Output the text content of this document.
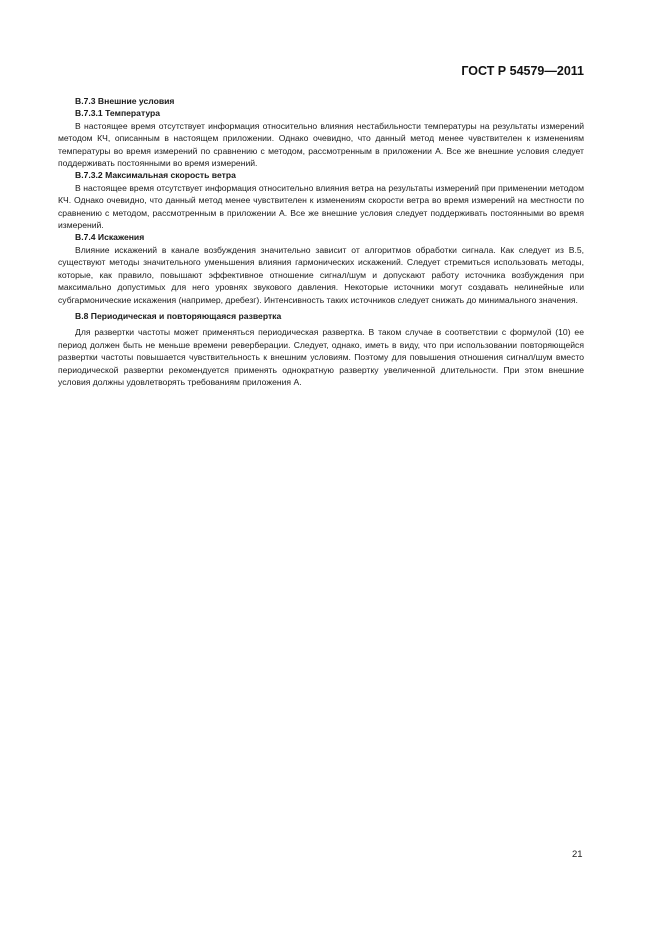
ГОСТ Р 54579—2011

В.7.3 Внешние условия

В.7.3.1 Температура

В настоящее время отсутствует информация относительно влияния нестабильности температуры на результаты измерений методом КЧ, описанным в настоящем приложении. Однако очевидно, что данный метод менее чувствителен к изменениям температуры во время измерений по сравнению с методом, рассмотренным в приложении А. Все же внешние условия следует поддерживать постоянными во время измерений.

В.7.3.2 Максимальная скорость ветра

В настоящее время отсутствует информация относительно влияния ветра на результаты измерений при применении методом КЧ. Однако очевидно, что данный метод менее чувствителен к изменениям скорости ветра во время измерений на местности по сравнению с методом, рассмотренным в приложении А. Все же внешние условия следует поддерживать постоянными во время измерений.

В.7.4 Искажения

Влияние искажений в канале возбуждения значительно зависит от алгоритмов обработки сигнала. Как следует из В.5, существуют методы значительного уменьшения влияния гармонических искажений. Следует стремиться использовать методы, которые, как правило, повышают эффективное отношение сигнал/шум и допускают работу источника возбуждения при максимально допустимых для него уровнях звукового давления. Некоторые источники могут создавать нелинейные или субгармонические искажения (например, дребезг). Интенсивность таких источников следует снижать до минимального значения.

В.8 Периодическая и повторяющаяся развертка

Для развертки частоты может применяться периодическая развертка. В таком случае в соответствии с формулой (10) ее период должен быть не меньше времени реверберации. Следует, однако, иметь в виду, что при использовании повторяющейся развертки частоты повышается чувствительность к внешним условиям. Поэтому для повышения отношения сигнал/шум вместо периодической развертки рекомендуется применять однократную развертку увеличенной длительности. При этом внешние условия должны удовлетворять требованиям приложения А.

21
